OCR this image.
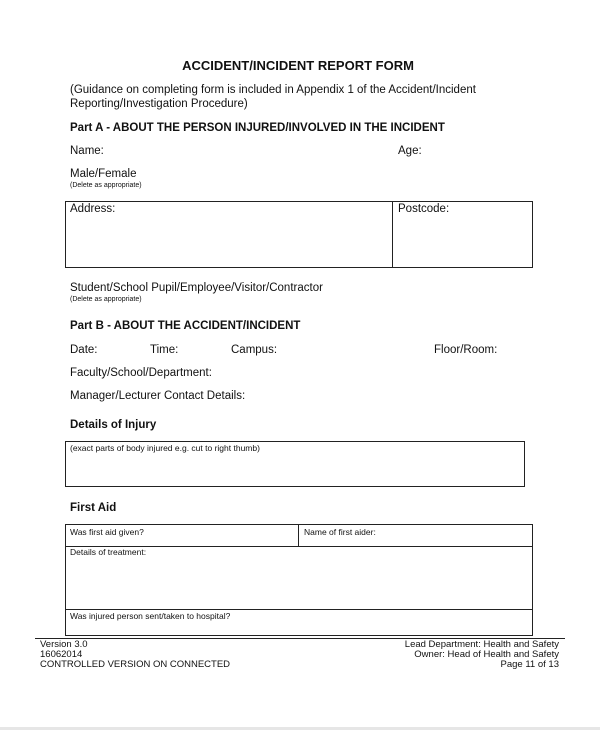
ACCIDENT/INCIDENT REPORT FORM
(Guidance on completing form is included in Appendix 1 of the Accident/Incident
Reporting/Investigation Procedure)
Part A - ABOUT THE PERSON INJURED/INVOLVED IN THE INCIDENT
Name:	Age:
Male/Female
(Delete as appropriate)
Address:	Postcode:
Student/School Pupil/Employee/Visitor/Contractor
(Delete as appropriate)
Part B - ABOUT THE ACCIDENT/INCIDENT
Date:	Time:	Campus:	Floor/Room:
Faculty/School/Department:
Manager/Lecturer Contact Details:
Details of Injury
(exact parts of body injured e.g. cut to right thumb)
First Aid
Was first aid given?	Name of first aider:
Details of treatment:
Was injured person sent/taken to hospital?
Version 3.0
16062014
CONTROLLED VERSION ON CONNECTED
Lead Department: Health and Safety
Owner: Head of Health and Safety
Page 11 of 13
